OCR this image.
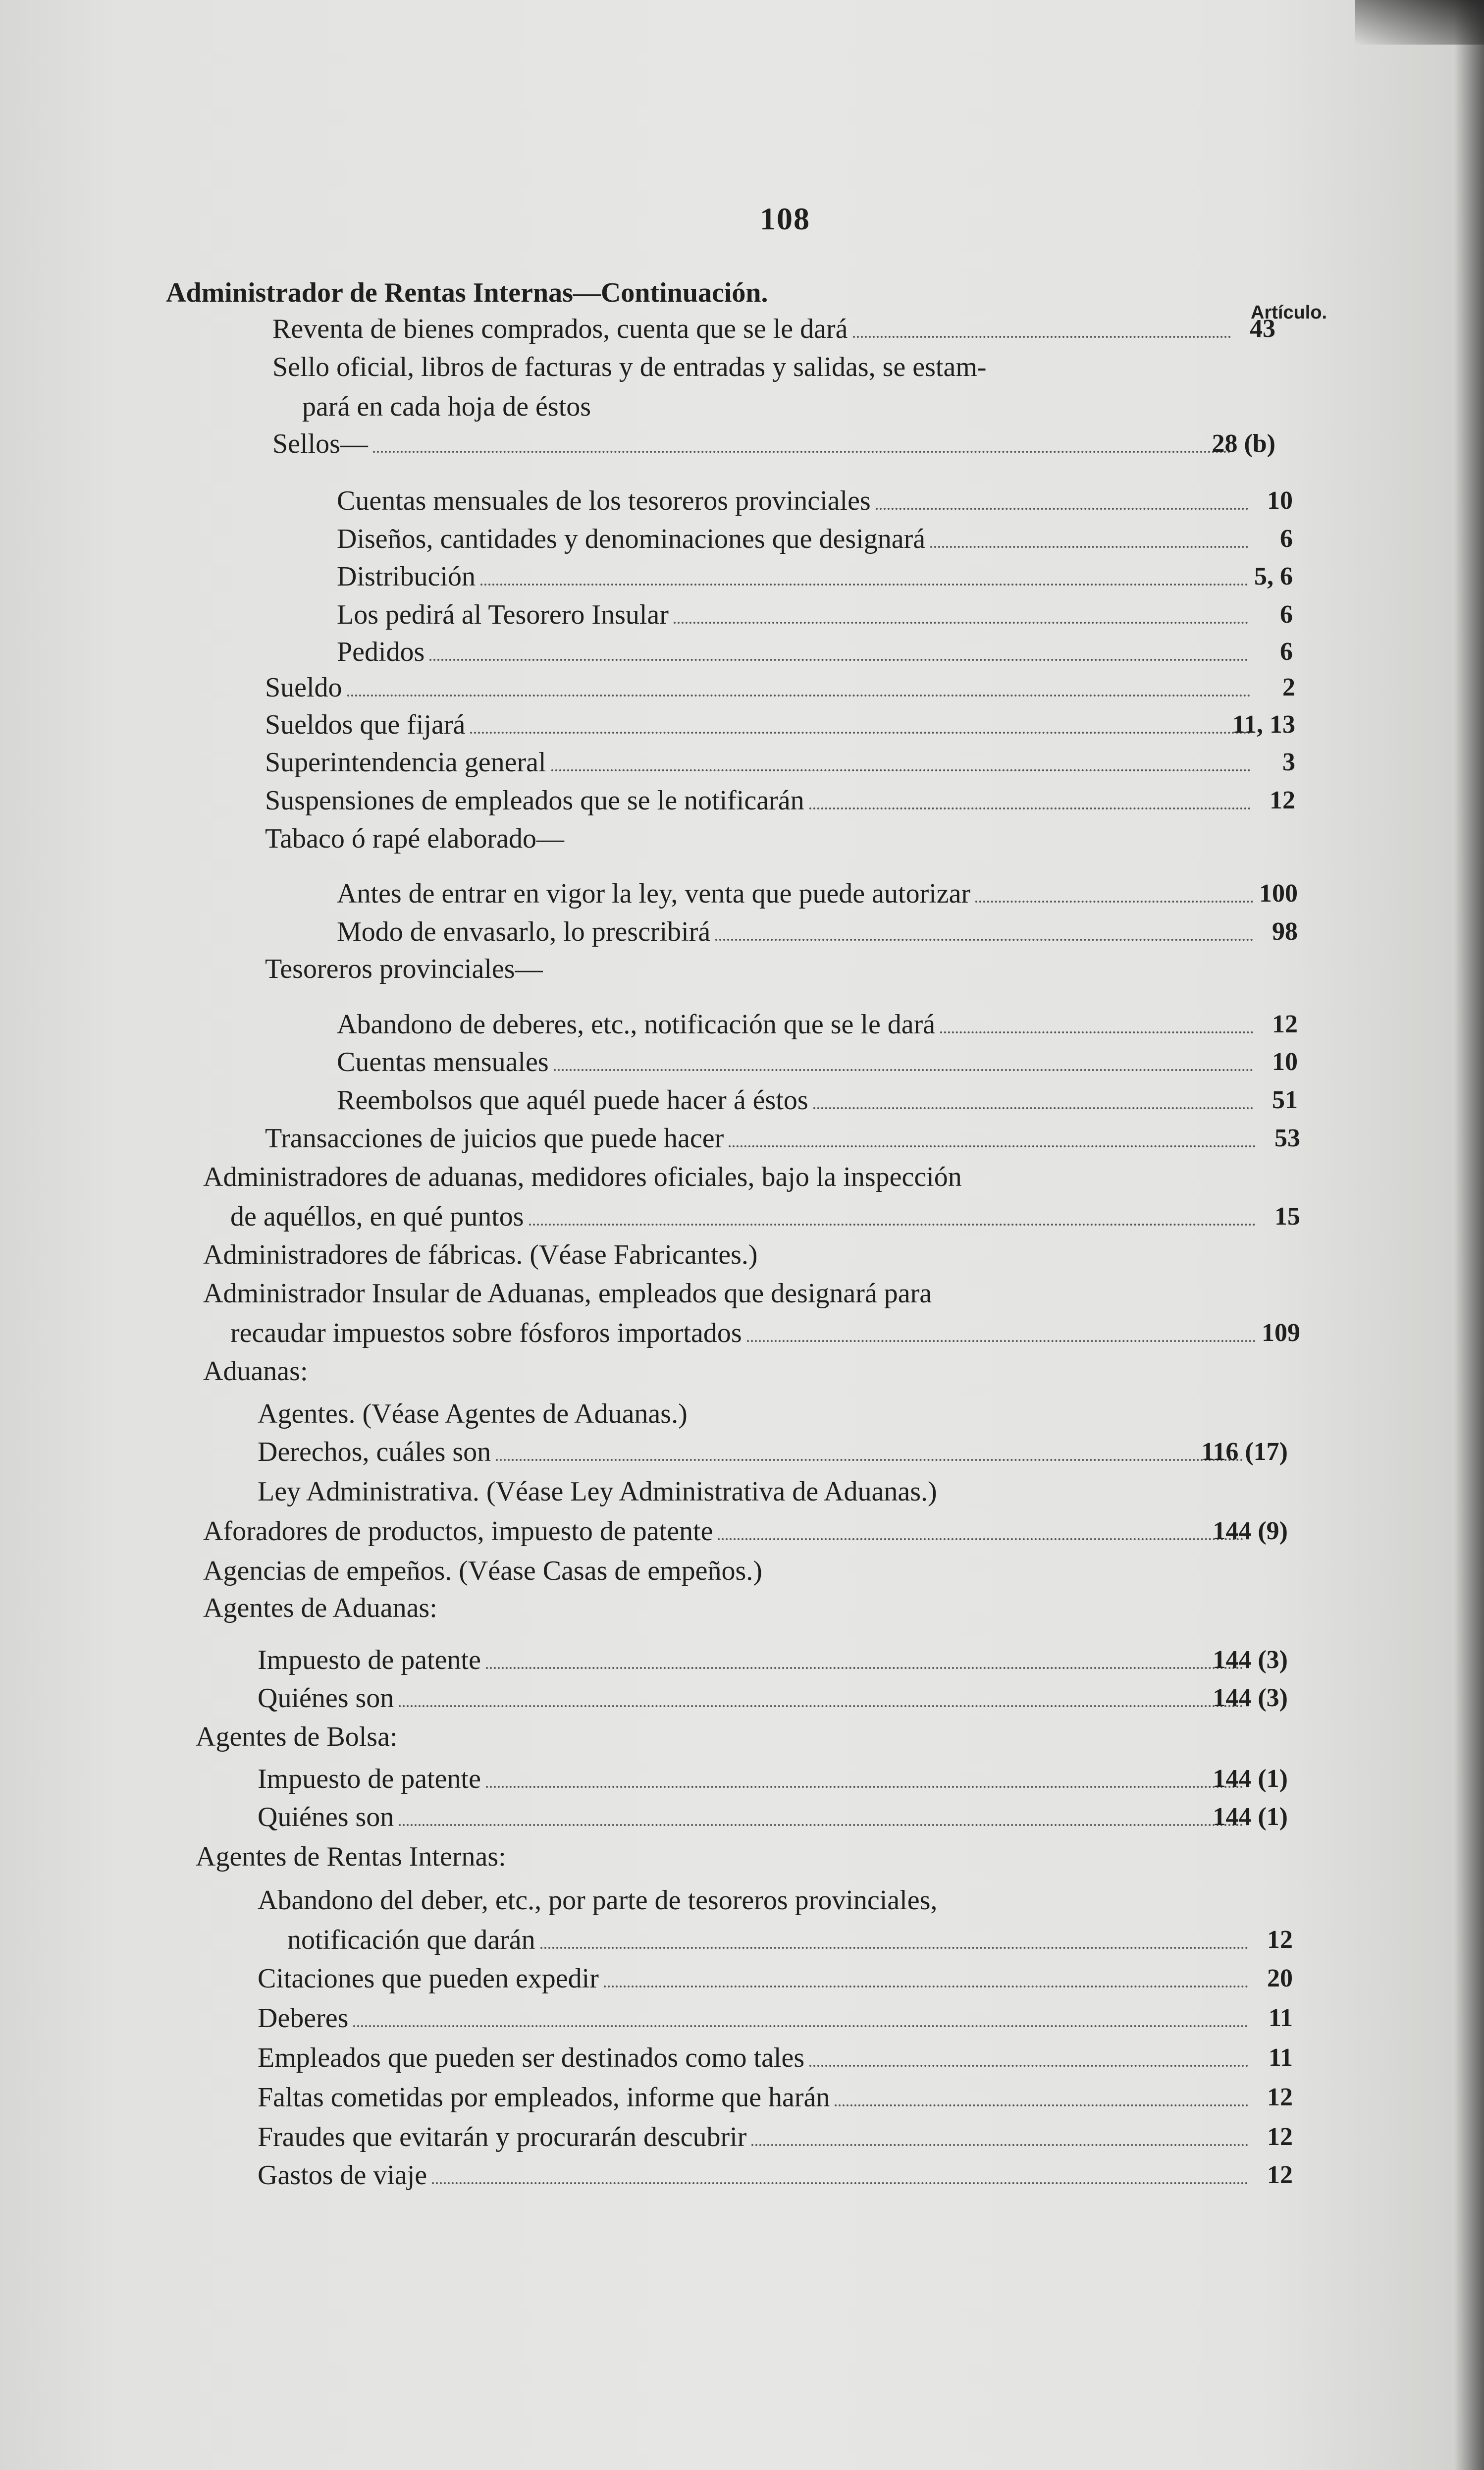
108
Artículo.
Administrador de Rentas Internas—Continuación.
Reventa de bienes comprados, cuenta que se le dará	43
Sello oficial, libros de facturas y de entradas y salidas, se estam-
pará en cada hoja de éstos
Sellos—	28 (b)
Cuentas mensuales de los tesoreros provinciales	10
Diseños, cantidades y denominaciones que designará	6
Distribución	5, 6
Los pedirá al Tesorero Insular	6
Pedidos	6
Sueldo	2
Sueldos que fijará	11, 13
Superintendencia general	3
Suspensiones de empleados que se le notificarán	12
Tabaco ó rapé elaborado—
Antes de entrar en vigor la ley, venta que puede autorizar	100
Modo de envasarlo, lo prescribirá	98
Tesoreros provinciales—
Abandono de deberes, etc., notificación que se le dará	12
Cuentas mensuales	10
Reembolsos que aquél puede hacer á éstos	51
Transacciones de juicios que puede hacer	53
Administradores de aduanas, medidores oficiales, bajo la inspección
de aquéllos, en qué puntos	15
Administradores de fábricas. (Véase Fabricantes.)
Administrador Insular de Aduanas, empleados que designará para
recaudar impuestos sobre fósforos importados	109
Aduanas:
Agentes. (Véase Agentes de Aduanas.)
Derechos, cuáles son	116 (17)
Ley Administrativa. (Véase Ley Administrativa de Aduanas.)
Aforadores de productos, impuesto de patente	144 (9)
Agencias de empeños. (Véase Casas de empeños.)
Agentes de Aduanas:
Impuesto de patente	144 (3)
Quiénes son	144 (3)
Agentes de Bolsa:
Impuesto de patente	144 (1)
Quiénes son	144 (1)
Agentes de Rentas Internas:
Abandono del deber, etc., por parte de tesoreros provinciales,
notificación que darán	12
Citaciones que pueden expedir	20
Deberes	11
Empleados que pueden ser destinados como tales	11
Faltas cometidas por empleados, informe que harán	12
Fraudes que evitarán y procurarán descubrir	12
Gastos de viaje	12
